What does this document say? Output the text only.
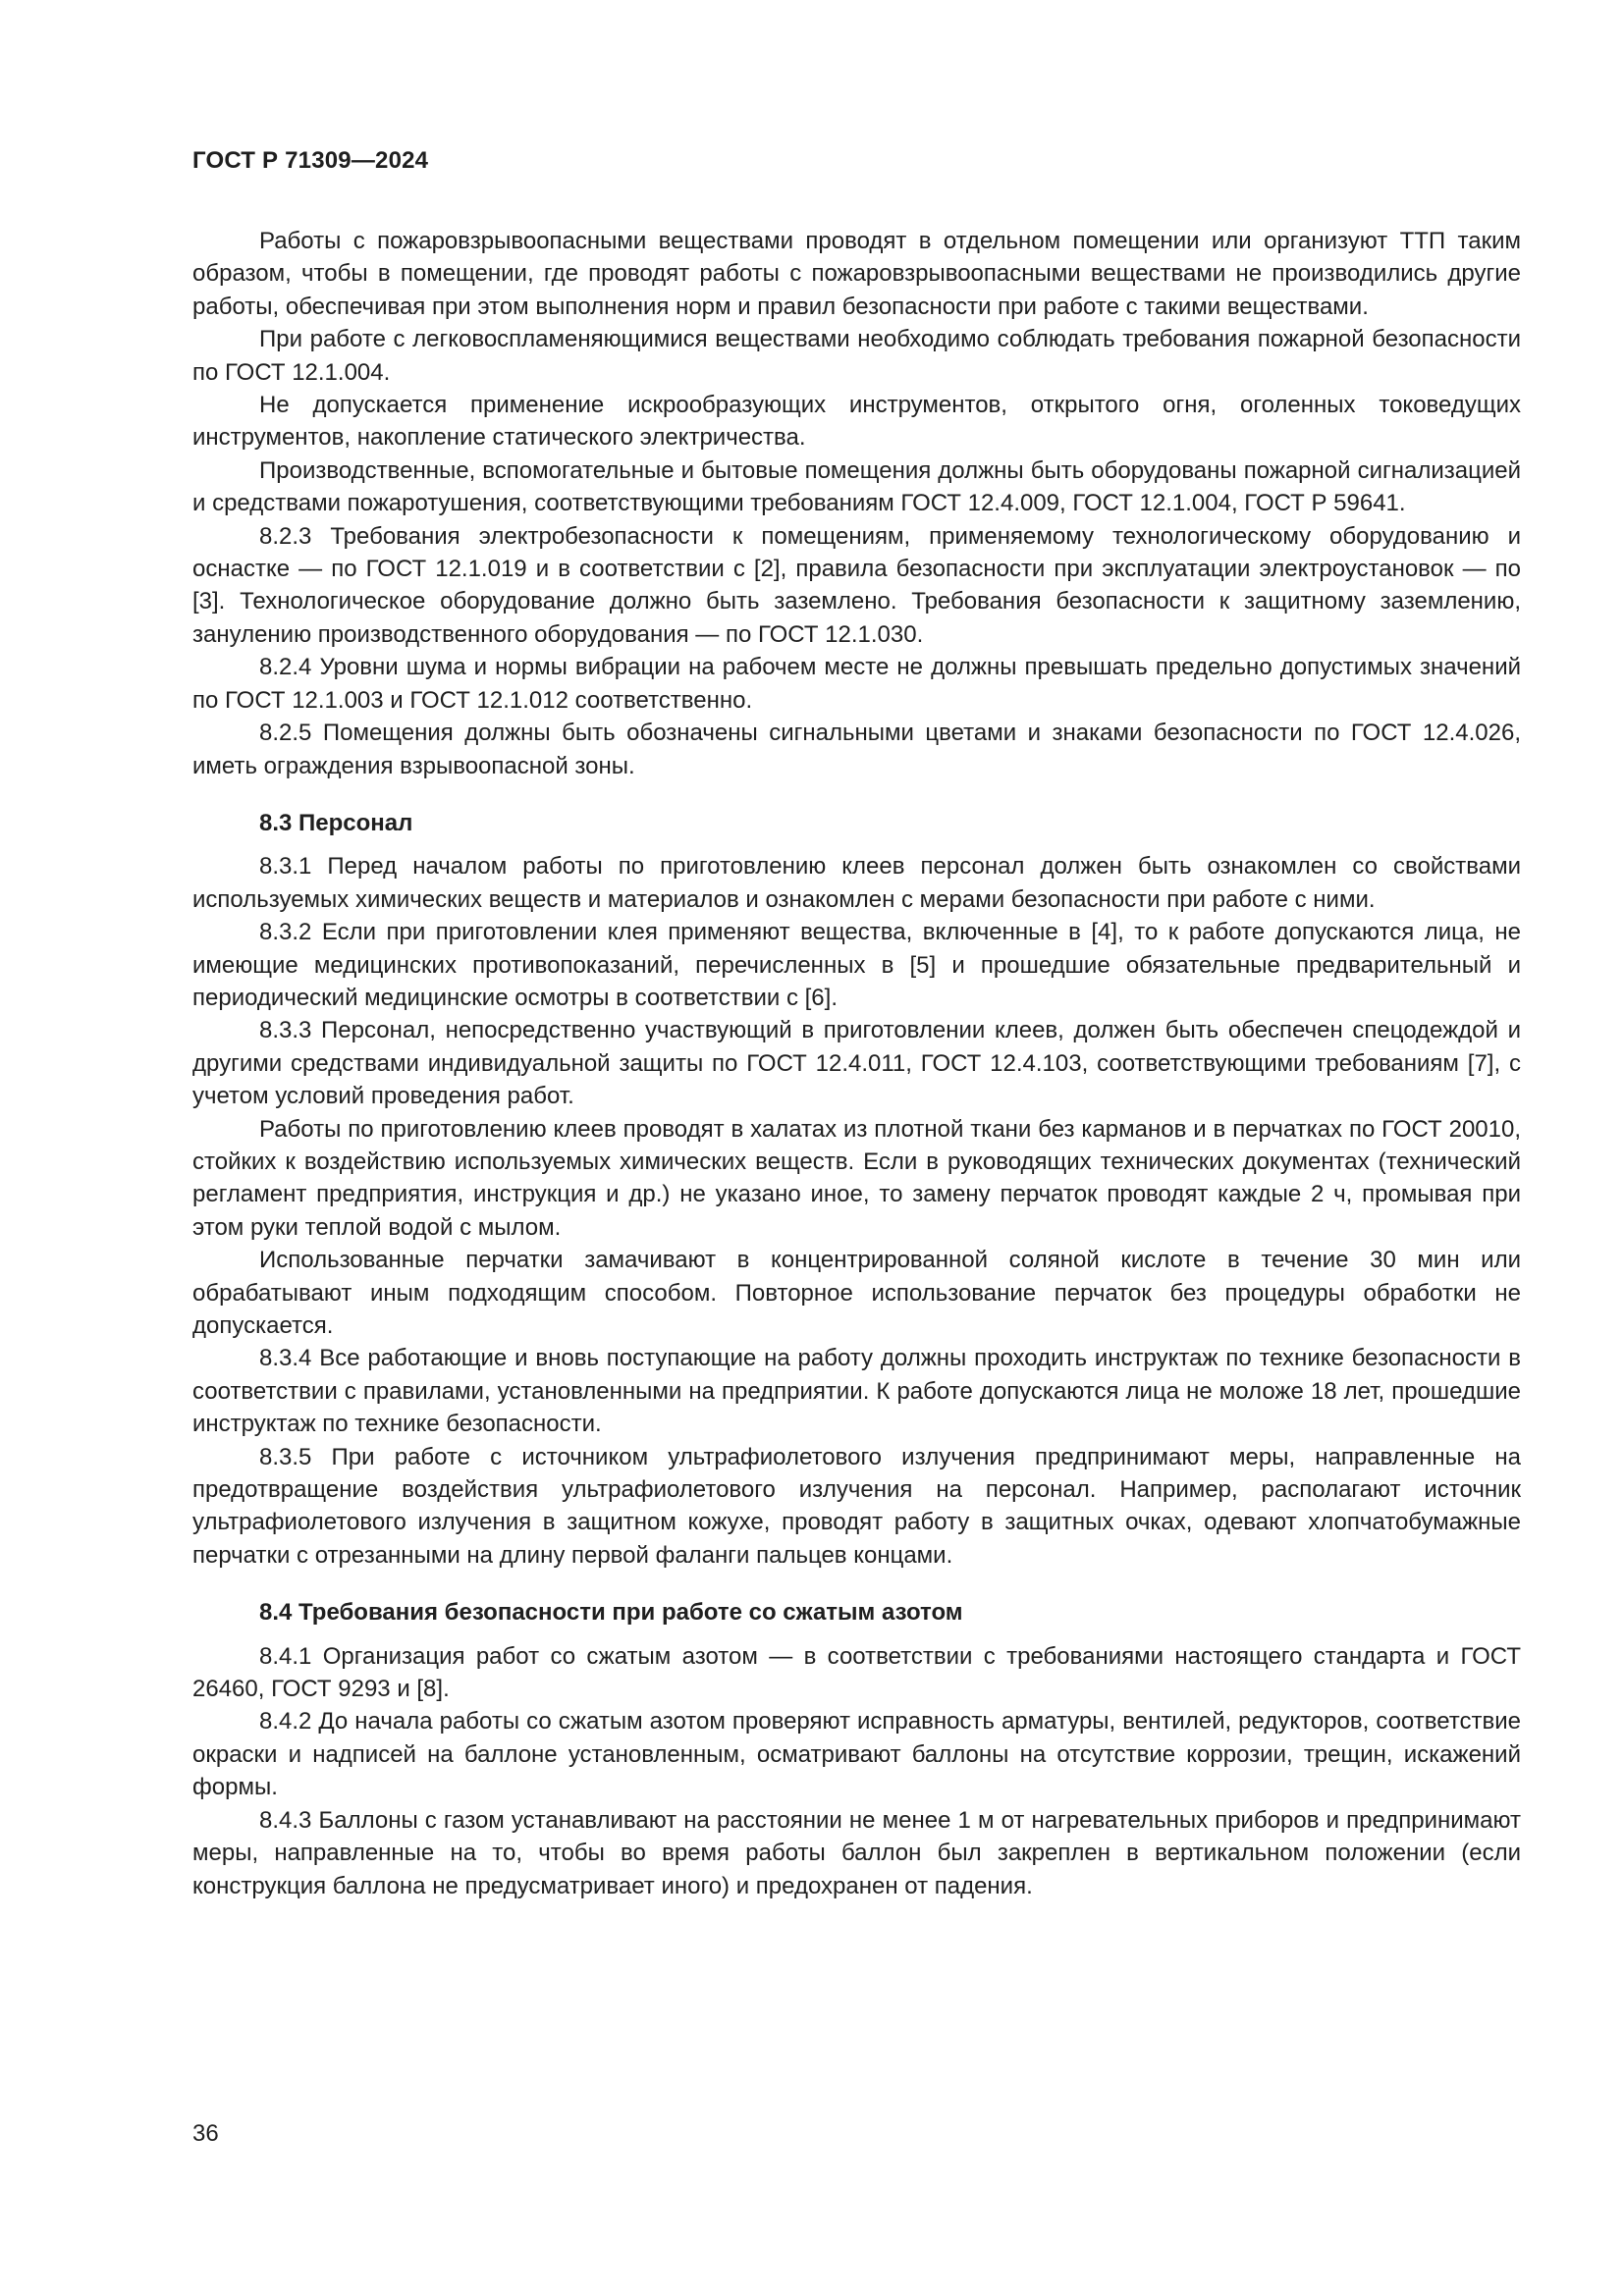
ГОСТ Р 71309—2024

Работы с пожаровзрывоопасными веществами проводят в отдельном помещении или организуют ТТП таким образом, чтобы в помещении, где проводят работы с пожаровзрывоопасными веществами не производились другие работы, обеспечивая при этом выполнения норм и правил безопасности при работе с такими веществами.

При работе с легковоспламеняющимися веществами необходимо соблюдать требования пожарной безопасности по ГОСТ 12.1.004.

Не допускается применение искрообразующих инструментов, открытого огня, оголенных токоведущих инструментов, накопление статического электричества.

Производственные, вспомогательные и бытовые помещения должны быть оборудованы пожарной сигнализацией и средствами пожаротушения, соответствующими требованиям ГОСТ 12.4.009, ГОСТ 12.1.004, ГОСТ Р 59641.

8.2.3 Требования электробезопасности к помещениям, применяемому технологическому оборудованию и оснастке — по ГОСТ 12.1.019 и в соответствии с [2], правила безопасности при эксплуатации электроустановок — по [3]. Технологическое оборудование должно быть заземлено. Требования безопасности к защитному заземлению, занулению производственного оборудования — по ГОСТ 12.1.030.

8.2.4 Уровни шума и нормы вибрации на рабочем месте не должны превышать предельно допустимых значений по ГОСТ 12.1.003 и ГОСТ 12.1.012 соответственно.

8.2.5 Помещения должны быть обозначены сигнальными цветами и знаками безопасности по ГОСТ 12.4.026, иметь ограждения взрывоопасной зоны.

8.3 Персонал

8.3.1 Перед началом работы по приготовлению клеев персонал должен быть ознакомлен со свойствами используемых химических веществ и материалов и ознакомлен с мерами безопасности при работе с ними.

8.3.2 Если при приготовлении клея применяют вещества, включенные в [4], то к работе допускаются лица, не имеющие медицинских противопоказаний, перечисленных в [5] и прошедшие обязательные предварительный и периодический медицинские осмотры в соответствии с [6].

8.3.3 Персонал, непосредственно участвующий в приготовлении клеев, должен быть обеспечен спецодеждой и другими средствами индивидуальной защиты по ГОСТ 12.4.011, ГОСТ 12.4.103, соответствующими требованиям [7], с учетом условий проведения работ.

Работы по приготовлению клеев проводят в халатах из плотной ткани без карманов и в перчатках по ГОСТ 20010, стойких к воздействию используемых химических веществ. Если в руководящих технических документах (технический регламент предприятия, инструкция и др.) не указано иное, то замену перчаток проводят каждые 2 ч, промывая при этом руки теплой водой с мылом.

Использованные перчатки замачивают в концентрированной соляной кислоте в течение 30 мин или обрабатывают иным подходящим способом. Повторное использование перчаток без процедуры обработки не допускается.

8.3.4 Все работающие и вновь поступающие на работу должны проходить инструктаж по технике безопасности в соответствии с правилами, установленными на предприятии. К работе допускаются лица не моложе 18 лет, прошедшие инструктаж по технике безопасности.

8.3.5 При работе с источником ультрафиолетового излучения предпринимают меры, направленные на предотвращение воздействия ультрафиолетового излучения на персонал. Например, располагают источник ультрафиолетового излучения в защитном кожухе, проводят работу в защитных очках, одевают хлопчатобумажные перчатки с отрезанными на длину первой фаланги пальцев концами.

8.4 Требования безопасности при работе со сжатым азотом

8.4.1 Организация работ со сжатым азотом — в соответствии с требованиями настоящего стандарта и ГОСТ 26460, ГОСТ 9293 и [8].

8.4.2 До начала работы со сжатым азотом проверяют исправность арматуры, вентилей, редукторов, соответствие окраски и надписей на баллоне установленным, осматривают баллоны на отсутствие коррозии, трещин, искажений формы.

8.4.3 Баллоны с газом устанавливают на расстоянии не менее 1 м от нагревательных приборов и предпринимают меры, направленные на то, чтобы во время работы баллон был закреплен в вертикальном положении (если конструкция баллона не предусматривает иного) и предохранен от падения.

36
